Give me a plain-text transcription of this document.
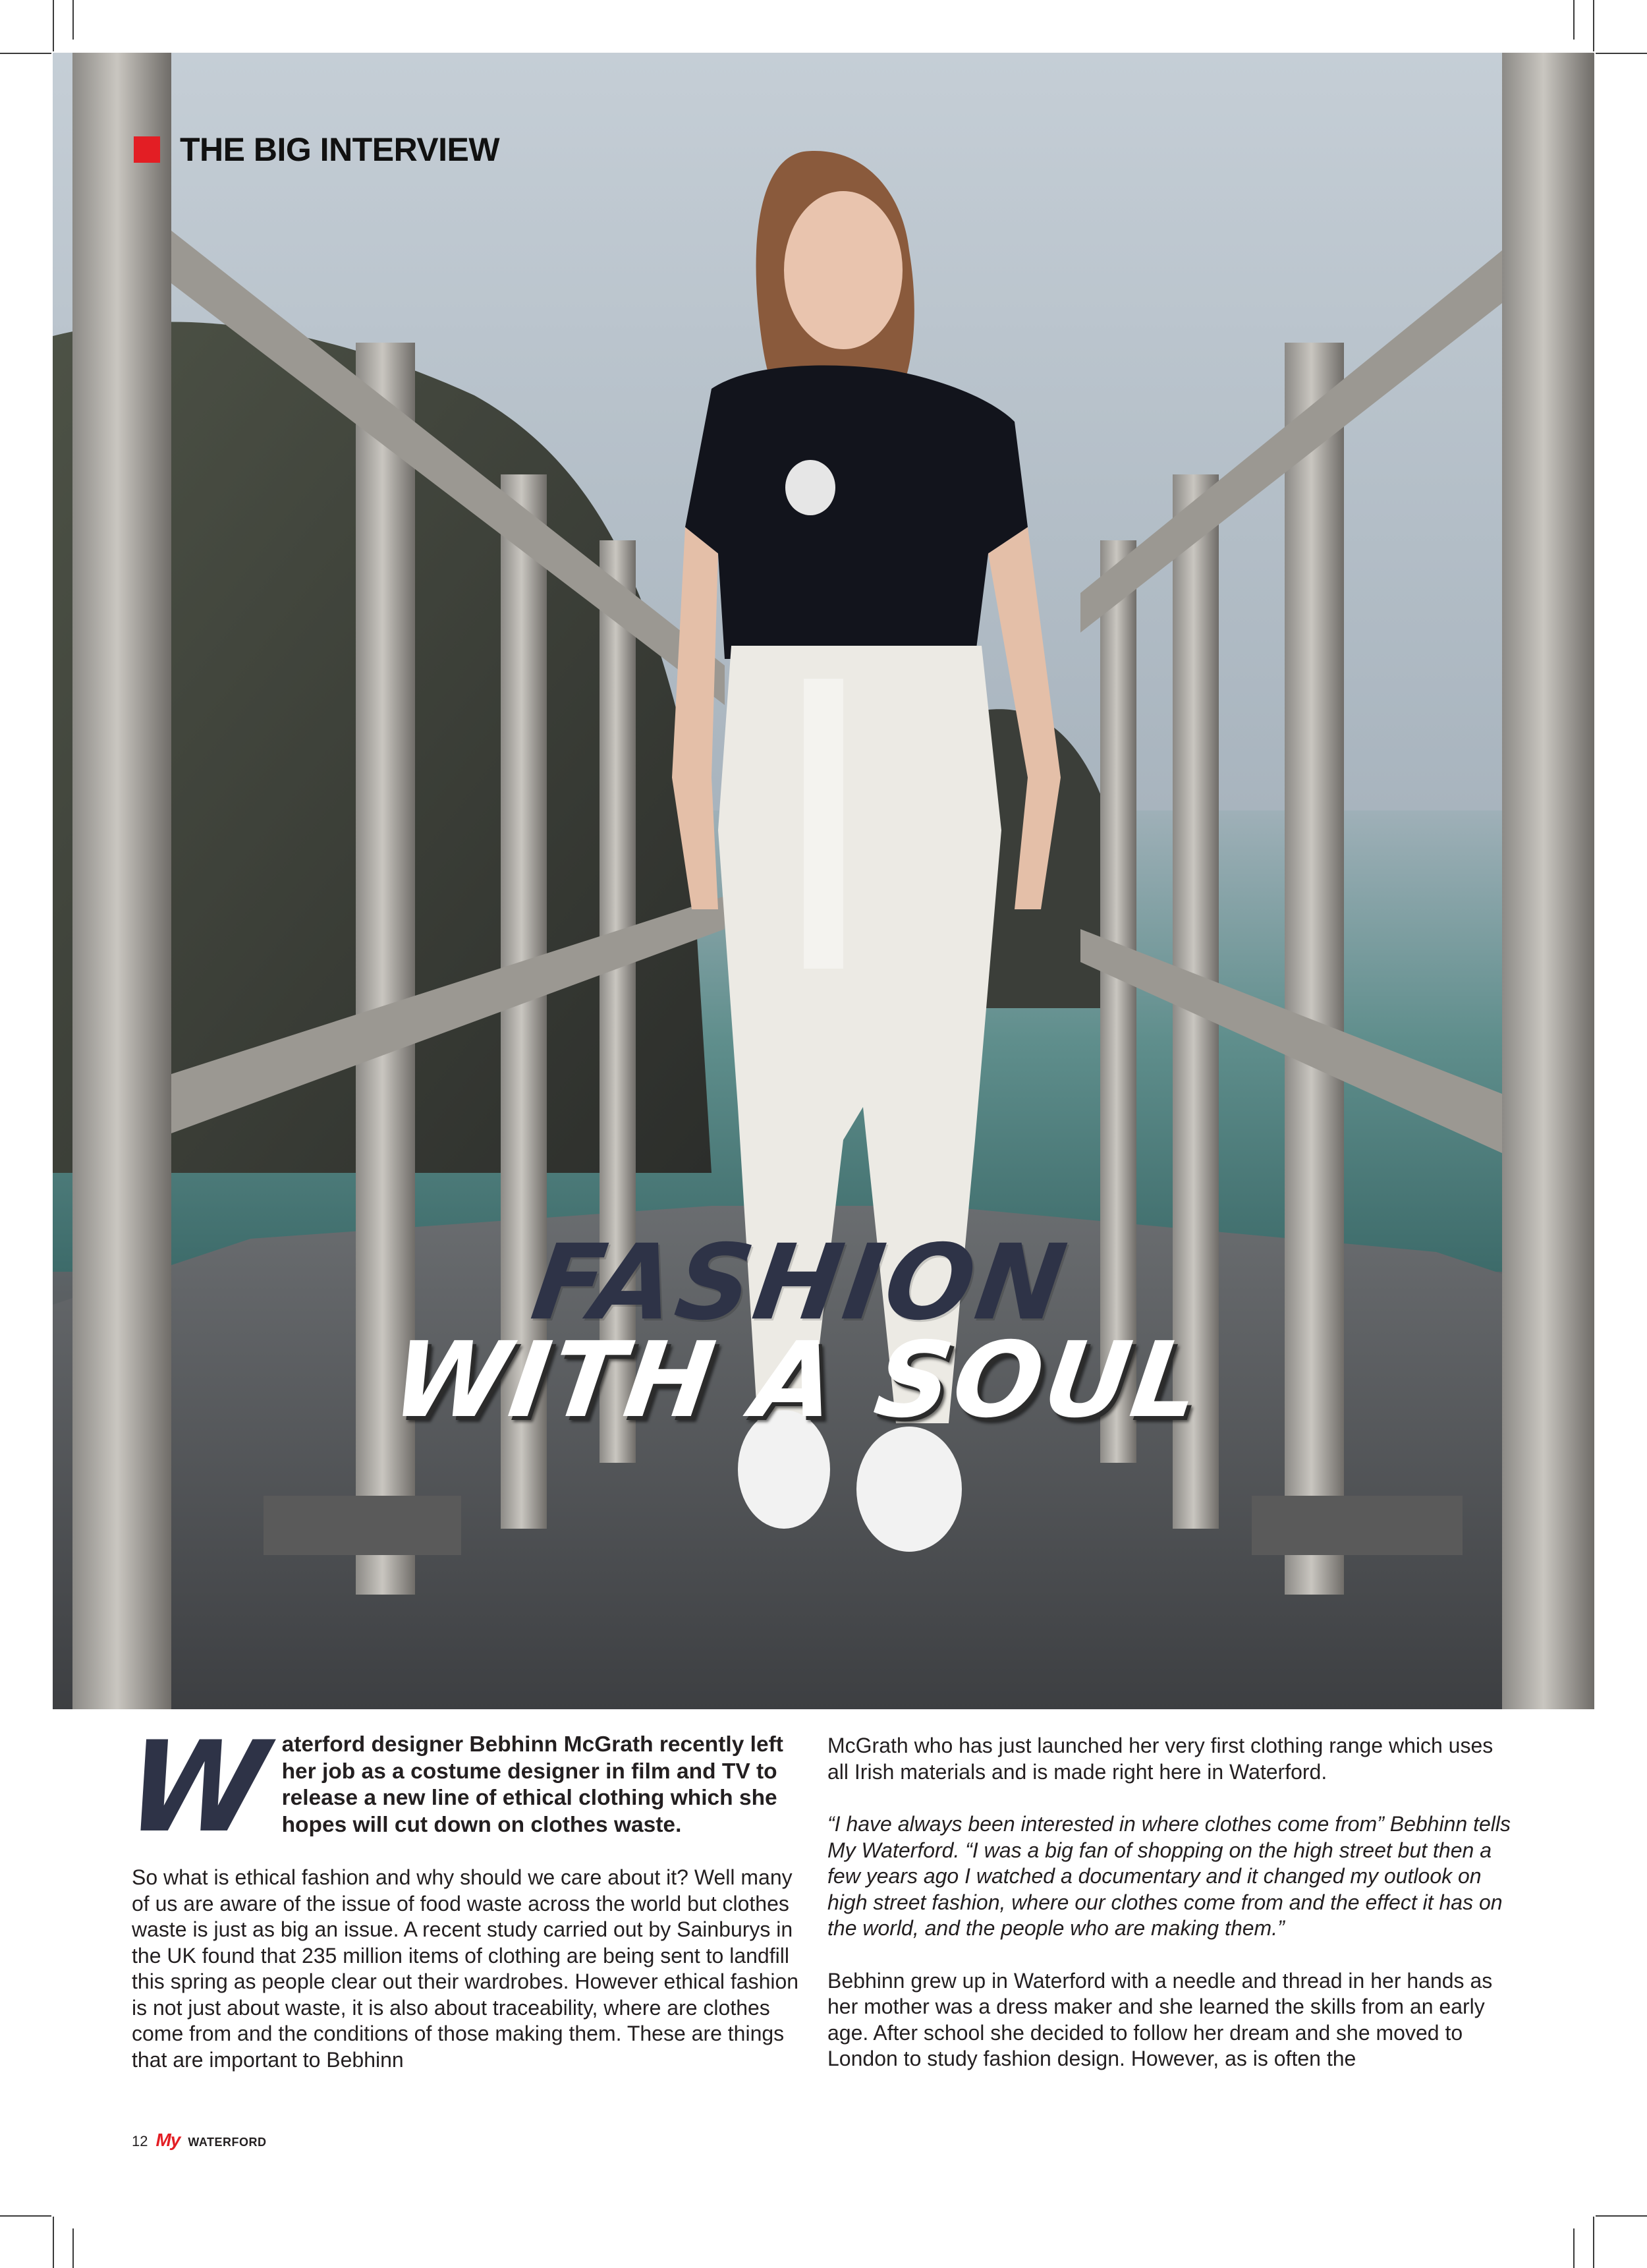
THE BIG INTERVIEW
FASHION
WITH A SOUL

Waterford designer Bebhinn McGrath recently left her job as a costume designer in film and TV to release a new line of ethical clothing which she hopes will cut down on clothes waste.

So what is ethical fashion and why should we care about it? Well many of us are aware of the issue of food waste across the world but clothes waste is just as big an issue. A recent study carried out by Sainburys in the UK found that 235 million items of clothing are being sent to landfill this spring as people clear out their wardrobes. However ethical fashion is not just about waste, it is also about traceability, where are clothes come from and the conditions of those making them. These are things that are important to Bebhinn

McGrath who has just launched her very first clothing range which uses all Irish materials and is made right here in Waterford.

“I have always been interested in where clothes come from” Bebhinn tells My Waterford. “I was a big fan of shopping on the high street but then a few years ago I watched a documentary and it changed my outlook on high street fashion, where our clothes come from and the effect it has on the world, and the people who are making them.”

Bebhinn grew up in Waterford with a needle and thread in her hands as her mother was a dress maker and she learned the skills from an early age. After school she decided to follow her dream and she moved to London to study fashion design. However, as is often the

12 My WATERFORD
